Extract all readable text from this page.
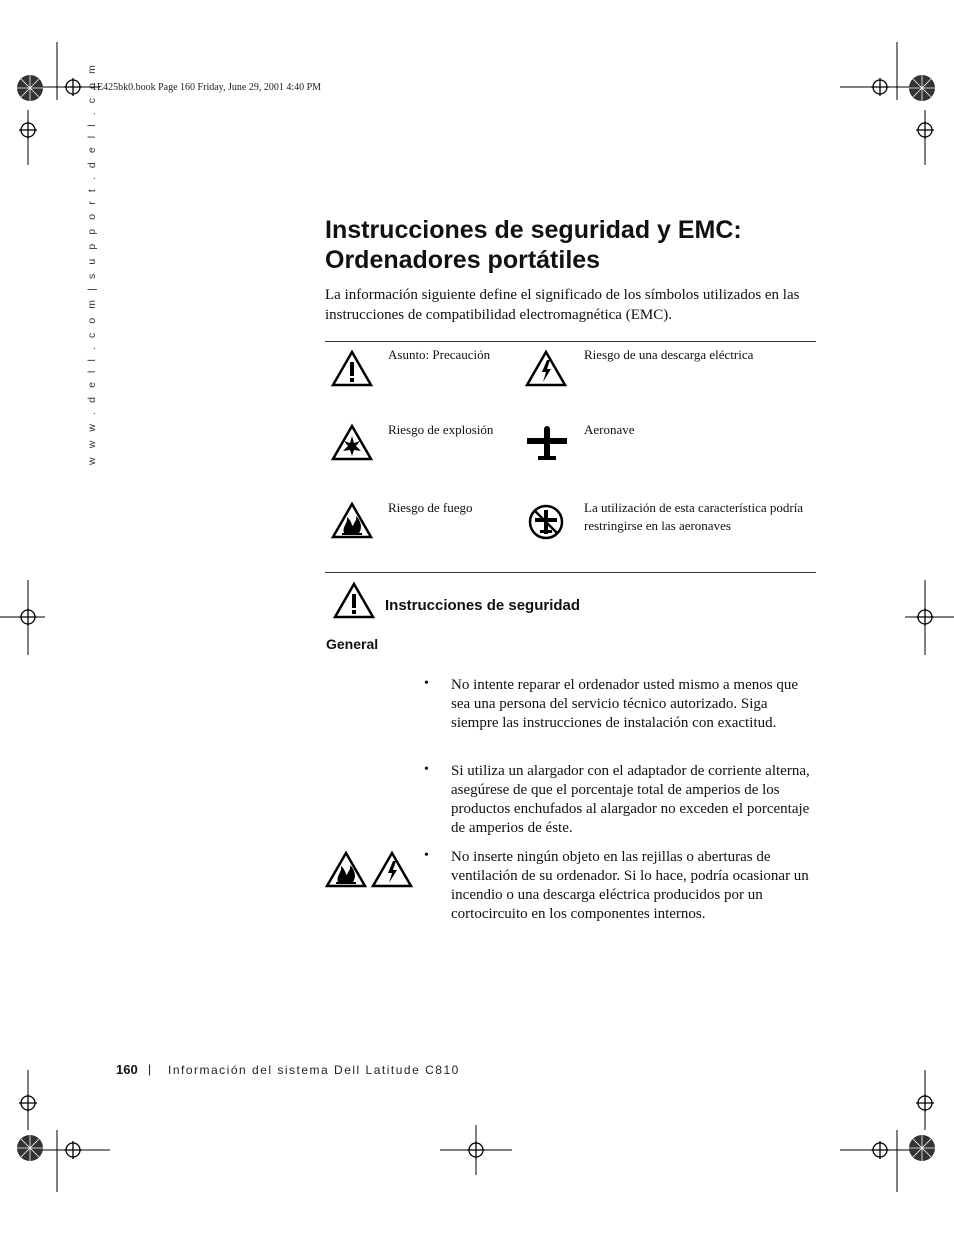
1E425bk0.book Page 160 Friday, June 29, 2001 4:40 PM
w w w . d e l l . c o m | s u p p o r t . d e l l . c o m	Instrucciones de seguridad y EMC: Ordenadores portátiles
La información siguiente define el significado de los símbolos utilizados en las instrucciones de compatibilidad electromagnética (EMC).
Asunto: Precaución	Riesgo de una descarga eléctrica
Riesgo de explosión	Aeronave
Riesgo de fuego	La utilización de esta característica podría restringirse en las aeronaves
Instrucciones de seguridad
General
• No intente reparar el ordenador usted mismo a menos que sea una persona del servicio técnico autorizado. Siga siempre las instrucciones de instalación con exactitud.
• Si utiliza un alargador con el adaptador de corriente alterna, asegúrese de que el porcentaje total de amperios de los productos enchufados al alargador no exceden el porcentaje de amperios de éste.
• No inserte ningún objeto en las rejillas o aberturas de ventilación de su ordenador. Si lo hace, podría ocasionar un incendio o una descarga eléctrica producidos por un cortocircuito en los componentes internos.
160 | Información del sistema Dell Latitude C810
